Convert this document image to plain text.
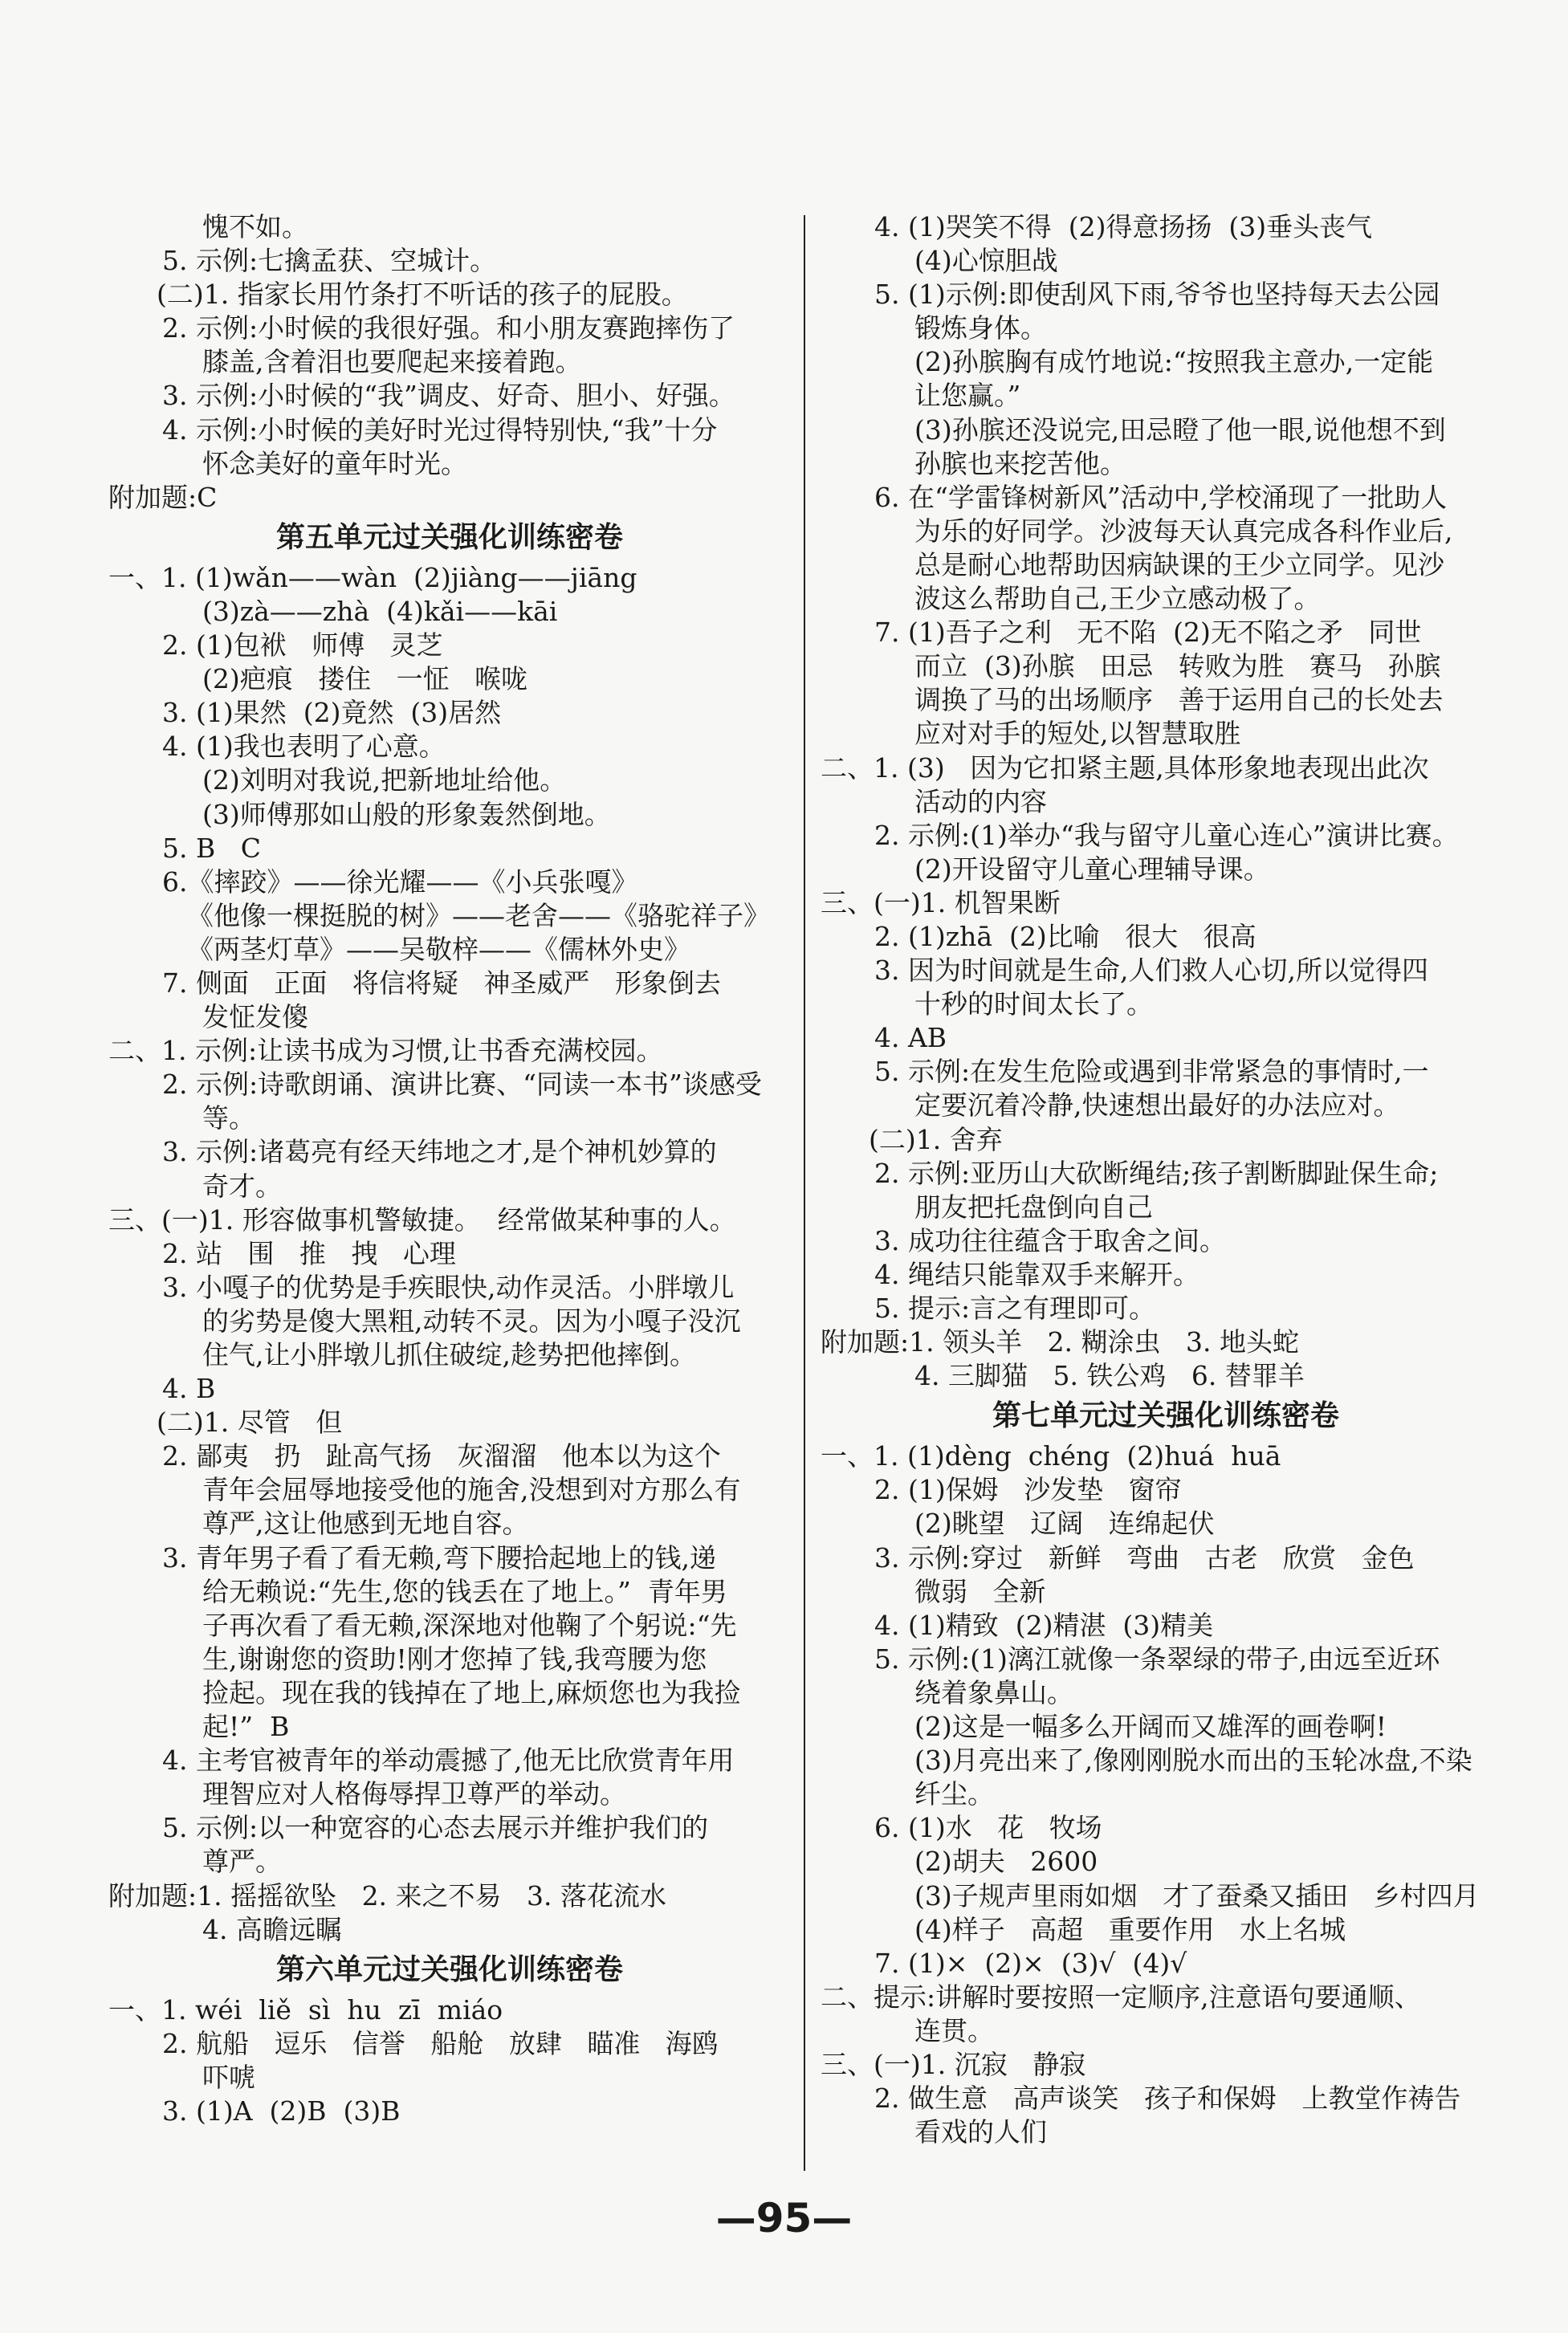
愧不如。
5. 示例:七擒孟获、空城计。
(二)1. 指家长用竹条打不听话的孩子的屁股。
2. 示例:小时候的我很好强。和小朋友赛跑摔伤了
膝盖,含着泪也要爬起来接着跑。
3. 示例:小时候的“我”调皮、好奇、胆小、好强。
4. 示例:小时候的美好时光过得特别快,“我”十分
怀念美好的童年时光。
附加题:C
第五单元过关强化训练密卷
一、1. (1)wǎn——wàn  (2)jiàng——jiāng
(3)zà——zhà  (4)kǎi——kāi
2. (1)包袱   师傅   灵芝
(2)疤痕   搂住   一怔   喉咙
3. (1)果然  (2)竟然  (3)居然
4. (1)我也表明了心意。
(2)刘明对我说,把新地址给他。
(3)师傅那如山般的形象轰然倒地。
5. B   C
6.《摔跤》——徐光耀——《小兵张嘎》
《他像一棵挺脱的树》——老舍——《骆驼祥子》
《两茎灯草》——吴敬梓——《儒林外史》
7. 侧面   正面   将信将疑   神圣威严   形象倒去
发怔发傻
二、1. 示例:让读书成为习惯,让书香充满校园。
2. 示例:诗歌朗诵、演讲比赛、“同读一本书”谈感受
等。
3. 示例:诸葛亮有经天纬地之才,是个神机妙算的
奇才。
三、(一)1. 形容做事机警敏捷。  经常做某种事的人。
2. 站   围   推   拽   心理
3. 小嘎子的优势是手疾眼快,动作灵活。小胖墩儿
的劣势是傻大黑粗,动转不灵。因为小嘎子没沉
住气,让小胖墩儿抓住破绽,趁势把他摔倒。
4. B
(二)1. 尽管   但
2. 鄙夷   扔   趾高气扬   灰溜溜   他本以为这个
青年会屈辱地接受他的施舍,没想到对方那么有
尊严,这让他感到无地自容。
3. 青年男子看了看无赖,弯下腰拾起地上的钱,递
给无赖说:“先生,您的钱丢在了地上。”  青年男
子再次看了看无赖,深深地对他鞠了个躬说:“先
生,谢谢您的资助!刚才您掉了钱,我弯腰为您
捡起。现在我的钱掉在了地上,麻烦您也为我捡
起!”  B
4. 主考官被青年的举动震撼了,他无比欣赏青年用
理智应对人格侮辱捍卫尊严的举动。
5. 示例:以一种宽容的心态去展示并维护我们的
尊严。
附加题:1. 摇摇欲坠   2. 来之不易   3. 落花流水
4. 高瞻远瞩
第六单元过关强化训练密卷
一、1. wéi  liě  sì  hu  zī  miáo
2. 航船   逗乐   信誉   船舱   放肆   瞄准   海鸥
吓唬
3. (1)A  (2)B  (3)B
4. (1)哭笑不得  (2)得意扬扬  (3)垂头丧气
(4)心惊胆战
5. (1)示例:即使刮风下雨,爷爷也坚持每天去公园
锻炼身体。
(2)孙膑胸有成竹地说:“按照我主意办,一定能
让您赢。”
(3)孙膑还没说完,田忌瞪了他一眼,说他想不到
孙膑也来挖苦他。
6. 在“学雷锋树新风”活动中,学校涌现了一批助人
为乐的好同学。沙波每天认真完成各科作业后,
总是耐心地帮助因病缺课的王少立同学。见沙
波这么帮助自己,王少立感动极了。
7. (1)吾子之利   无不陷  (2)无不陷之矛   同世
而立  (3)孙膑   田忌   转败为胜   赛马   孙膑
调换了马的出场顺序   善于运用自己的长处去
应对对手的短处,以智慧取胜
二、1. (3)   因为它扣紧主题,具体形象地表现出此次
活动的内容
2. 示例:(1)举办“我与留守儿童心连心”演讲比赛。
(2)开设留守儿童心理辅导课。
三、(一)1. 机智果断
2. (1)zhā  (2)比喻   很大   很高
3. 因为时间就是生命,人们救人心切,所以觉得四
十秒的时间太长了。
4. AB
5. 示例:在发生危险或遇到非常紧急的事情时,一
定要沉着冷静,快速想出最好的办法应对。
(二)1. 舍弃
2. 示例:亚历山大砍断绳结;孩子割断脚趾保生命;
朋友把托盘倒向自己
3. 成功往往蕴含于取舍之间。
4. 绳结只能靠双手来解开。
5. 提示:言之有理即可。
附加题:1. 领头羊   2. 糊涂虫   3. 地头蛇
4. 三脚猫   5. 铁公鸡   6. 替罪羊
第七单元过关强化训练密卷
一、1. (1)dèng  chéng  (2)huá  huā
2. (1)保姆   沙发垫   窗帘
(2)眺望   辽阔   连绵起伏
3. 示例:穿过   新鲜   弯曲   古老   欣赏   金色
微弱   全新
4. (1)精致  (2)精湛  (3)精美
5. 示例:(1)漓江就像一条翠绿的带子,由远至近环
绕着象鼻山。
(2)这是一幅多么开阔而又雄浑的画卷啊!
(3)月亮出来了,像刚刚脱水而出的玉轮冰盘,不染
纤尘。
6. (1)水   花   牧场
(2)胡夫   2600
(3)子规声里雨如烟   才了蚕桑又插田   乡村四月
(4)样子   高超   重要作用   水上名城
7. (1)×  (2)×  (3)√  (4)√
二、提示:讲解时要按照一定顺序,注意语句要通顺、
连贯。
三、(一)1. 沉寂   静寂
2. 做生意   高声谈笑   孩子和保姆   上教堂作祷告
看戏的人们
—95—
